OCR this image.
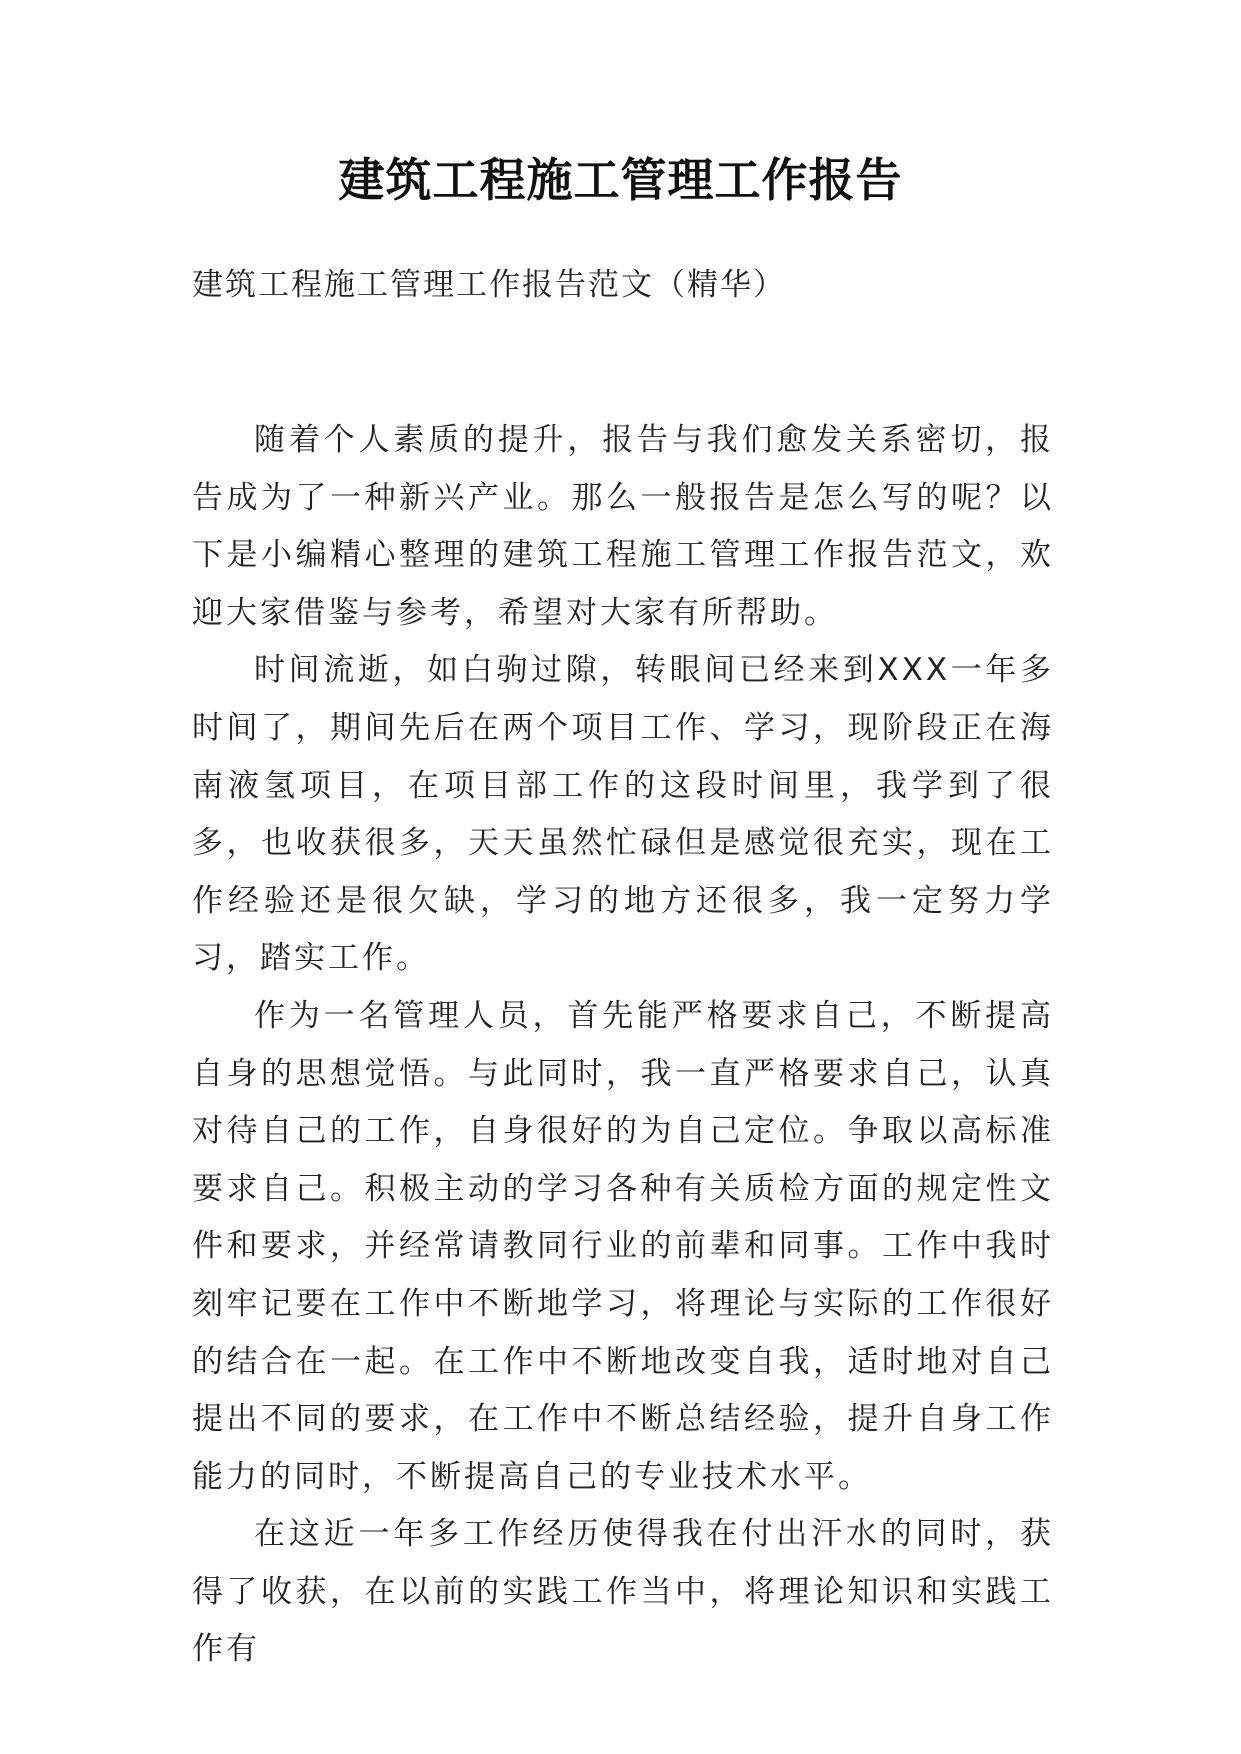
建筑工程施工管理工作报告

建筑工程施工管理工作报告范文（精华）

随着个人素质的提升，报告与我们愈发关系密切，报告成为了一种新兴产业。那么一般报告是怎么写的呢？以下是小编精心整理的建筑工程施工管理工作报告范文，欢迎大家借鉴与参考，希望对大家有所帮助。

时间流逝，如白驹过隙，转眼间已经来到XXX一年多时间了，期间先后在两个项目工作、学习，现阶段正在海南液氢项目，在项目部工作的这段时间里，我学到了很多，也收获很多，天天虽然忙碌但是感觉很充实，现在工作经验还是很欠缺，学习的地方还很多，我一定努力学习，踏实工作。

作为一名管理人员，首先能严格要求自己，不断提高自身的思想觉悟。与此同时，我一直严格要求自己，认真对待自己的工作，自身很好的为自己定位。争取以高标准要求自己。积极主动的学习各种有关质检方面的规定性文件和要求，并经常请教同行业的前辈和同事。工作中我时刻牢记要在工作中不断地学习，将理论与实际的工作很好的结合在一起。在工作中不断地改变自我，适时地对自己提出不同的要求，在工作中不断总结经验，提升自身工作能力的同时，不断提高自己的专业技术水平。

在这近一年多工作经历使得我在付出汗水的同时，获得了收获，在以前的实践工作当中，将理论知识和实践工作有
